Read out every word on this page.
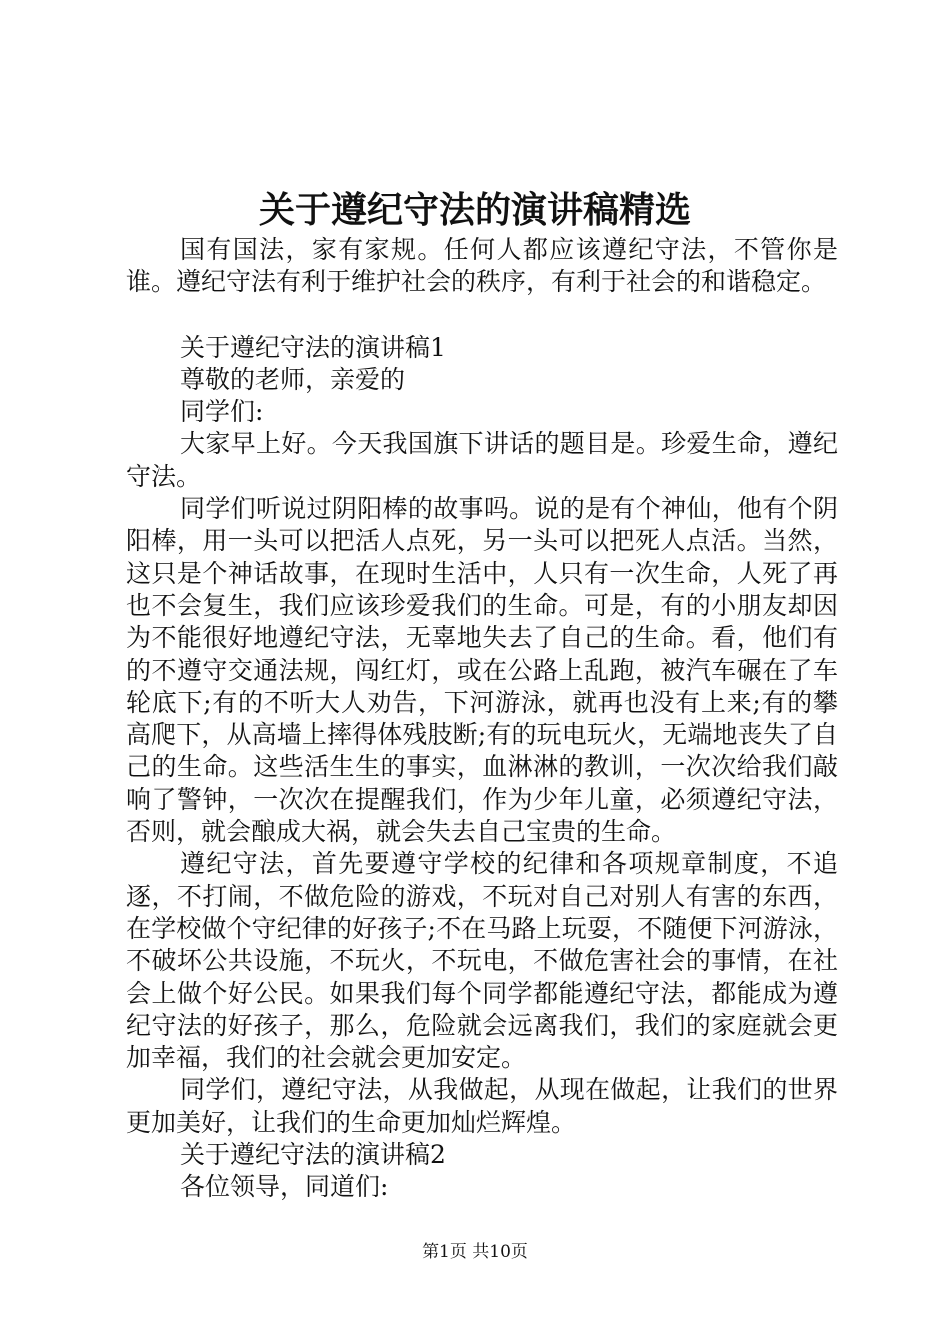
关于遵纪守法的演讲稿精选

国有国法，家有家规。任何人都应该遵纪守法，不管你是谁。遵纪守法有利于维护社会的秩序，有利于社会的和谐稳定。

关于遵纪守法的演讲稿1

尊敬的老师，亲爱的

同学们:

大家早上好。今天我国旗下讲话的题目是。珍爱生命，遵纪守法。

同学们听说过阴阳棒的故事吗。说的是有个神仙，他有个阴阳棒，用一头可以把活人点死，另一头可以把死人点活。当然，这只是个神话故事，在现时生活中，人只有一次生命，人死了再也不会复生，我们应该珍爱我们的生命。可是，有的小朋友却因为不能很好地遵纪守法，无辜地失去了自己的生命。看，他们有的不遵守交通法规，闯红灯，或在公路上乱跑，被汽车碾在了车轮底下;有的不听大人劝告，下河游泳，就再也没有上来;有的攀高爬下，从高墙上摔得体残肢断;有的玩电玩火，无端地丧失了自己的生命。这些活生生的事实，血淋淋的教训，一次次给我们敲响了警钟，一次次在提醒我们，作为少年儿童，必须遵纪守法，否则，就会酿成大祸，就会失去自己宝贵的生命。

遵纪守法，首先要遵守学校的纪律和各项规章制度，不追逐，不打闹，不做危险的游戏，不玩对自己对别人有害的东西，在学校做个守纪律的好孩子;不在马路上玩耍，不随便下河游泳，不破坏公共设施，不玩火，不玩电，不做危害社会的事情，在社会上做个好公民。如果我们每个同学都能遵纪守法，都能成为遵纪守法的好孩子，那么，危险就会远离我们，我们的家庭就会更加幸福，我们的社会就会更加安定。

同学们，遵纪守法，从我做起，从现在做起，让我们的世界更加美好，让我们的生命更加灿烂辉煌。

关于遵纪守法的演讲稿2

各位领导，同道们:

第1页 共10页
